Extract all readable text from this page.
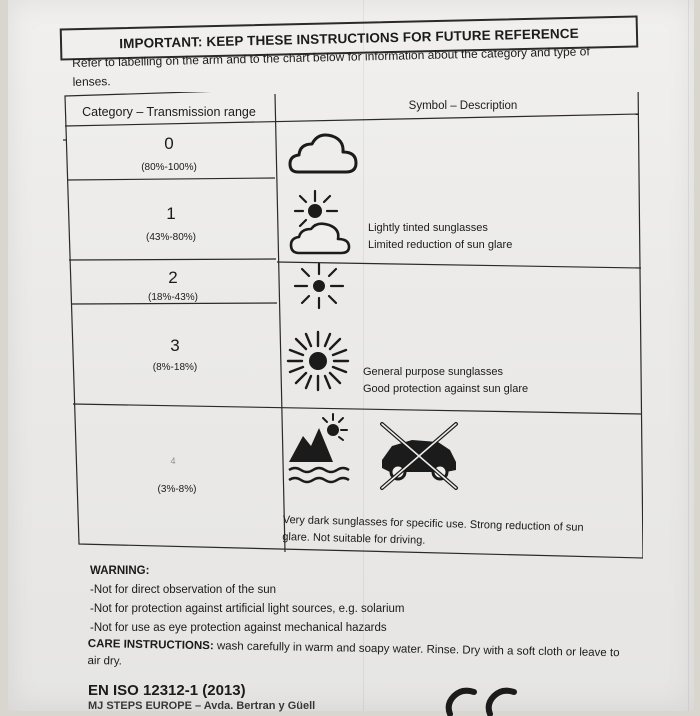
IMPORTANT: KEEP THESE INSTRUCTIONS FOR FUTURE REFERENCE
Refer to labelling on the arm and to the chart below for information about the category and type of
lenses.
Category – Transmission range	Symbol – Description
0
(80%-100%)
1
(43%-80%)
Lightly tinted sunglasses
Limited reduction of sun glare
2
(18%-43%)
3
(8%-18%)	General purpose sunglasses
Good protection against sun glare
4
(3%-8%)
Very dark sunglasses for specific use. Strong reduction of sun
glare. Not suitable for driving.
WARNING:
-Not for direct observation of the sun
-Not for protection against artificial light sources, e.g. solarium
-Not for use as eye protection against mechanical hazards
CARE INSTRUCTIONS: wash carefully in warm and soapy water. Rinse. Dry with a soft cloth or leave to air dry.
EN ISO 12312-1 (2013)
MJ STEPS EUROPE – Avda. Bertran y Güell
